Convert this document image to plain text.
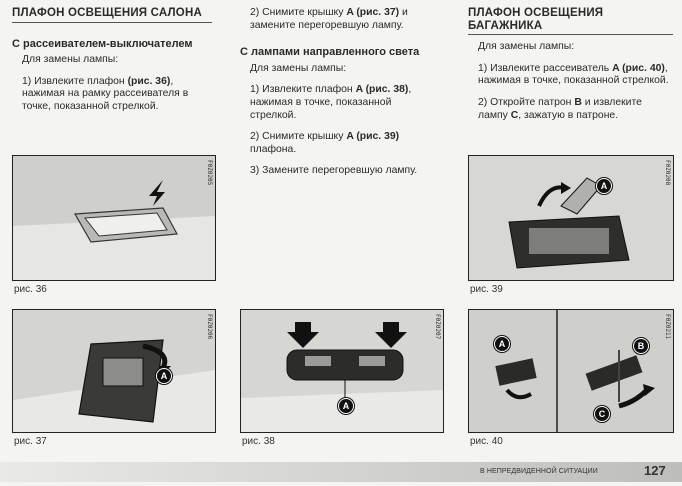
ПЛАФОН ОСВЕЩЕНИЯ САЛОНА
С рассеивателем-выключателем
Для замены лампы:
1) Извлеките плафон (рис. 36), нажимая на рамку рассеивателя в точке, показанной стрелкой.
2) Снимите крышку A (рис. 37) и замените перегоревшую лампу.
С лампами направленного света
Для замены лампы:
1) Извлеките плафон A (рис. 38), нажимая в точке, показанной стрелкой.
2) Снимите крышку A (рис. 39) плафона.
3) Замените перегоревшую лампу.
ПЛАФОН ОСВЕЩЕНИЯ БАГАЖНИКА
Для замены лампы:
1) Извлеките рассеиватель A (рис. 40), нажимая в точке, показанной стрелкой.
2) Откройте патрон B и извлеките лампу C, зажатую в патроне.
F0Z0205
рис. 36
A
F0Z0206
рис. 37
A
F0Z0207
рис. 38
A
F0Z0208
рис. 39
A	B
C
F0Z0211
рис. 40
В НЕПРЕДВИДЕННОЙ СИТУАЦИИ	127
